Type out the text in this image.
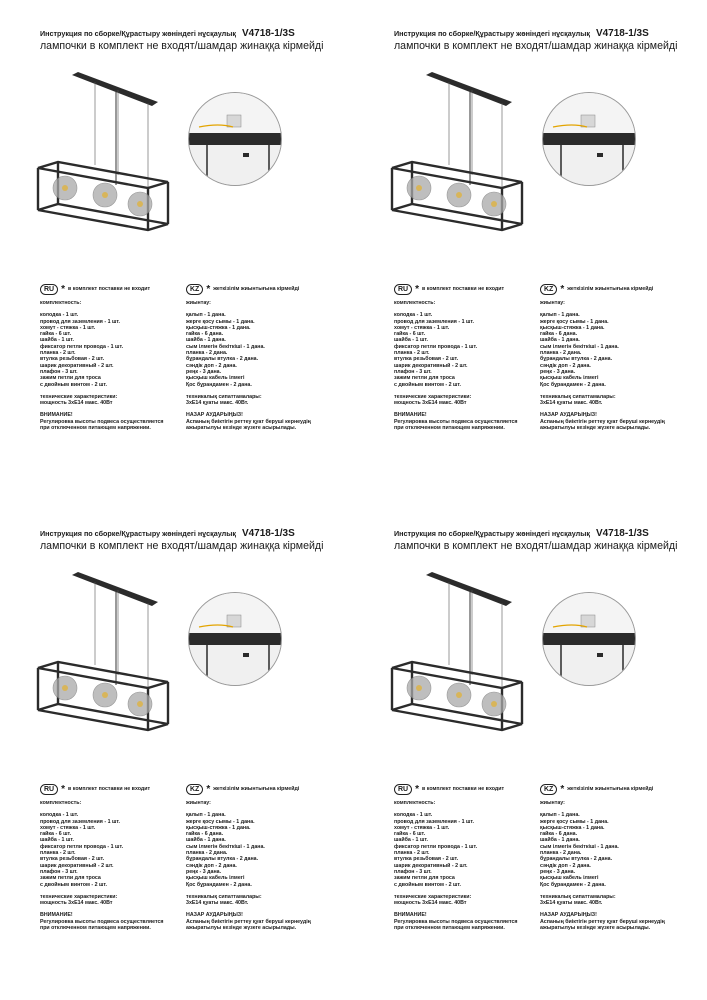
Инструкция по сборке/Құрастыру жөніндегі нұсқаулық V4718-1/3S
лампочки в комплект не входят/шамдар жинаққа кірмейді
RU * в комплект поставки не входит
комплектность:
колодка - 1 шт.
провод для заземления - 1 шт.
хомут - стяжка - 1 шт.
гайка - 6 шт.
шайба - 1 шт.
фиксатор петли провода - 1 шт.
планка - 2 шт.
втулка резьбовая - 2 шт.
шарик декоративный - 2 шт.
плафон - 3 шт.
зажим петли для троса
с двойным винтом - 2 шт.
технические характеристики:
мощность 3хЕ14 макс. 40Вт
ВНИМАНИЕ!
Регулировка высоты подвеса осуществляется
при отключенном питающем напряжении.
KZ * жеткізілім жиынтығына кірмейді
жиынтау:
қалып - 1 дана.
жерге қосу сымы - 1 дана.
қысқыш-стяжка - 1 дана.
гайка - 6 дана.
шайба - 1 дана.
сым ілмегін бекіткіші - 1 дана.
планка - 2 дана.
бұрандалы втулка - 2 дана.
сәндік доп - 2 дана.
реңк - 3 дана.
қысқыш кабель ілмегі
Қос бұрандамен - 2 дана.
техникалық сипаттамалары:
3хЕ14 қуаты макс. 40Вт.
НАЗАР АУДАРЫҢЫЗ!
Аспаның биіктігін реттеу қуат беруші кернеудің
ажыратылуы кезінде жүзеге асырылады.
Инструкция по сборке/Құрастыру жөніндегі нұсқаулық V4718-1/3S
лампочки в комплект не входят/шамдар жинаққа кірмейді
RU * в комплект поставки не входит
комплектность:
колодка - 1 шт.
провод для заземления - 1 шт.
хомут - стяжка - 1 шт.
гайка - 6 шт.
шайба - 1 шт.
фиксатор петли провода - 1 шт.
планка - 2 шт.
втулка резьбовая - 2 шт.
шарик декоративный - 2 шт.
плафон - 3 шт.
зажим петли для троса
с двойным винтом - 2 шт.
технические характеристики:
мощность 3хЕ14 макс. 40Вт
ВНИМАНИЕ!
Регулировка высоты подвеса осуществляется
при отключенном питающем напряжении.
KZ * жеткізілім жиынтығына кірмейді
жиынтау:
қалып - 1 дана.
жерге қосу сымы - 1 дана.
қысқыш-стяжка - 1 дана.
гайка - 6 дана.
шайба - 1 дана.
сым ілмегін бекіткіші - 1 дана.
планка - 2 дана.
бұрандалы втулка - 2 дана.
сәндік доп - 2 дана.
реңк - 3 дана.
қысқыш кабель ілмегі
Қос бұрандамен - 2 дана.
техникалық сипаттамалары:
3хЕ14 қуаты макс. 40Вт.
НАЗАР АУДАРЫҢЫЗ!
Аспаның биіктігін реттеу қуат беруші кернеудің
ажыратылуы кезінде жүзеге асырылады.
Инструкция по сборке/Құрастыру жөніндегі нұсқаулық V4718-1/3S
лампочки в комплект не входят/шамдар жинаққа кірмейді
RU * в комплект поставки не входит
комплектность:
колодка - 1 шт.
провод для заземления - 1 шт.
хомут - стяжка - 1 шт.
гайка - 6 шт.
шайба - 1 шт.
фиксатор петли провода - 1 шт.
планка - 2 шт.
втулка резьбовая - 2 шт.
шарик декоративный - 2 шт.
плафон - 3 шт.
зажим петли для троса
с двойным винтом - 2 шт.
технические характеристики:
мощность 3хЕ14 макс. 40Вт
ВНИМАНИЕ!
Регулировка высоты подвеса осуществляется
при отключенном питающем напряжении.
KZ * жеткізілім жиынтығына кірмейді
жиынтау:
қалып - 1 дана.
жерге қосу сымы - 1 дана.
қысқыш-стяжка - 1 дана.
гайка - 6 дана.
шайба - 1 дана.
сым ілмегін бекіткіші - 1 дана.
планка - 2 дана.
бұрандалы втулка - 2 дана.
сәндік доп - 2 дана.
реңк - 3 дана.
қысқыш кабель ілмегі
Қос бұрандамен - 2 дана.
техникалық сипаттамалары:
3хЕ14 қуаты макс. 40Вт.
НАЗАР АУДАРЫҢЫЗ!
Аспаның биіктігін реттеу қуат беруші кернеудің
ажыратылуы кезінде жүзеге асырылады.
Инструкция по сборке/Құрастыру жөніндегі нұсқаулық V4718-1/3S
лампочки в комплект не входят/шамдар жинаққа кірмейді
RU * в комплект поставки не входит
комплектность:
колодка - 1 шт.
провод для заземления - 1 шт.
хомут - стяжка - 1 шт.
гайка - 6 шт.
шайба - 1 шт.
фиксатор петли провода - 1 шт.
планка - 2 шт.
втулка резьбовая - 2 шт.
шарик декоративный - 2 шт.
плафон - 3 шт.
зажим петли для троса
с двойным винтом - 2 шт.
технические характеристики:
мощность 3хЕ14 макс. 40Вт
ВНИМАНИЕ!
Регулировка высоты подвеса осуществляется
при отключенном питающем напряжении.
KZ * жеткізілім жиынтығына кірмейді
жиынтау:
қалып - 1 дана.
жерге қосу сымы - 1 дана.
қысқыш-стяжка - 1 дана.
гайка - 6 дана.
шайба - 1 дана.
сым ілмегін бекіткіші - 1 дана.
планка - 2 дана.
бұрандалы втулка - 2 дана.
сәндік доп - 2 дана.
реңк - 3 дана.
қысқыш кабель ілмегі
Қос бұрандамен - 2 дана.
техникалық сипаттамалары:
3хЕ14 қуаты макс. 40Вт.
НАЗАР АУДАРЫҢЫЗ!
Аспаның биіктігін реттеу қуат беруші кернеудің
ажыратылуы кезінде жүзеге асырылады.
